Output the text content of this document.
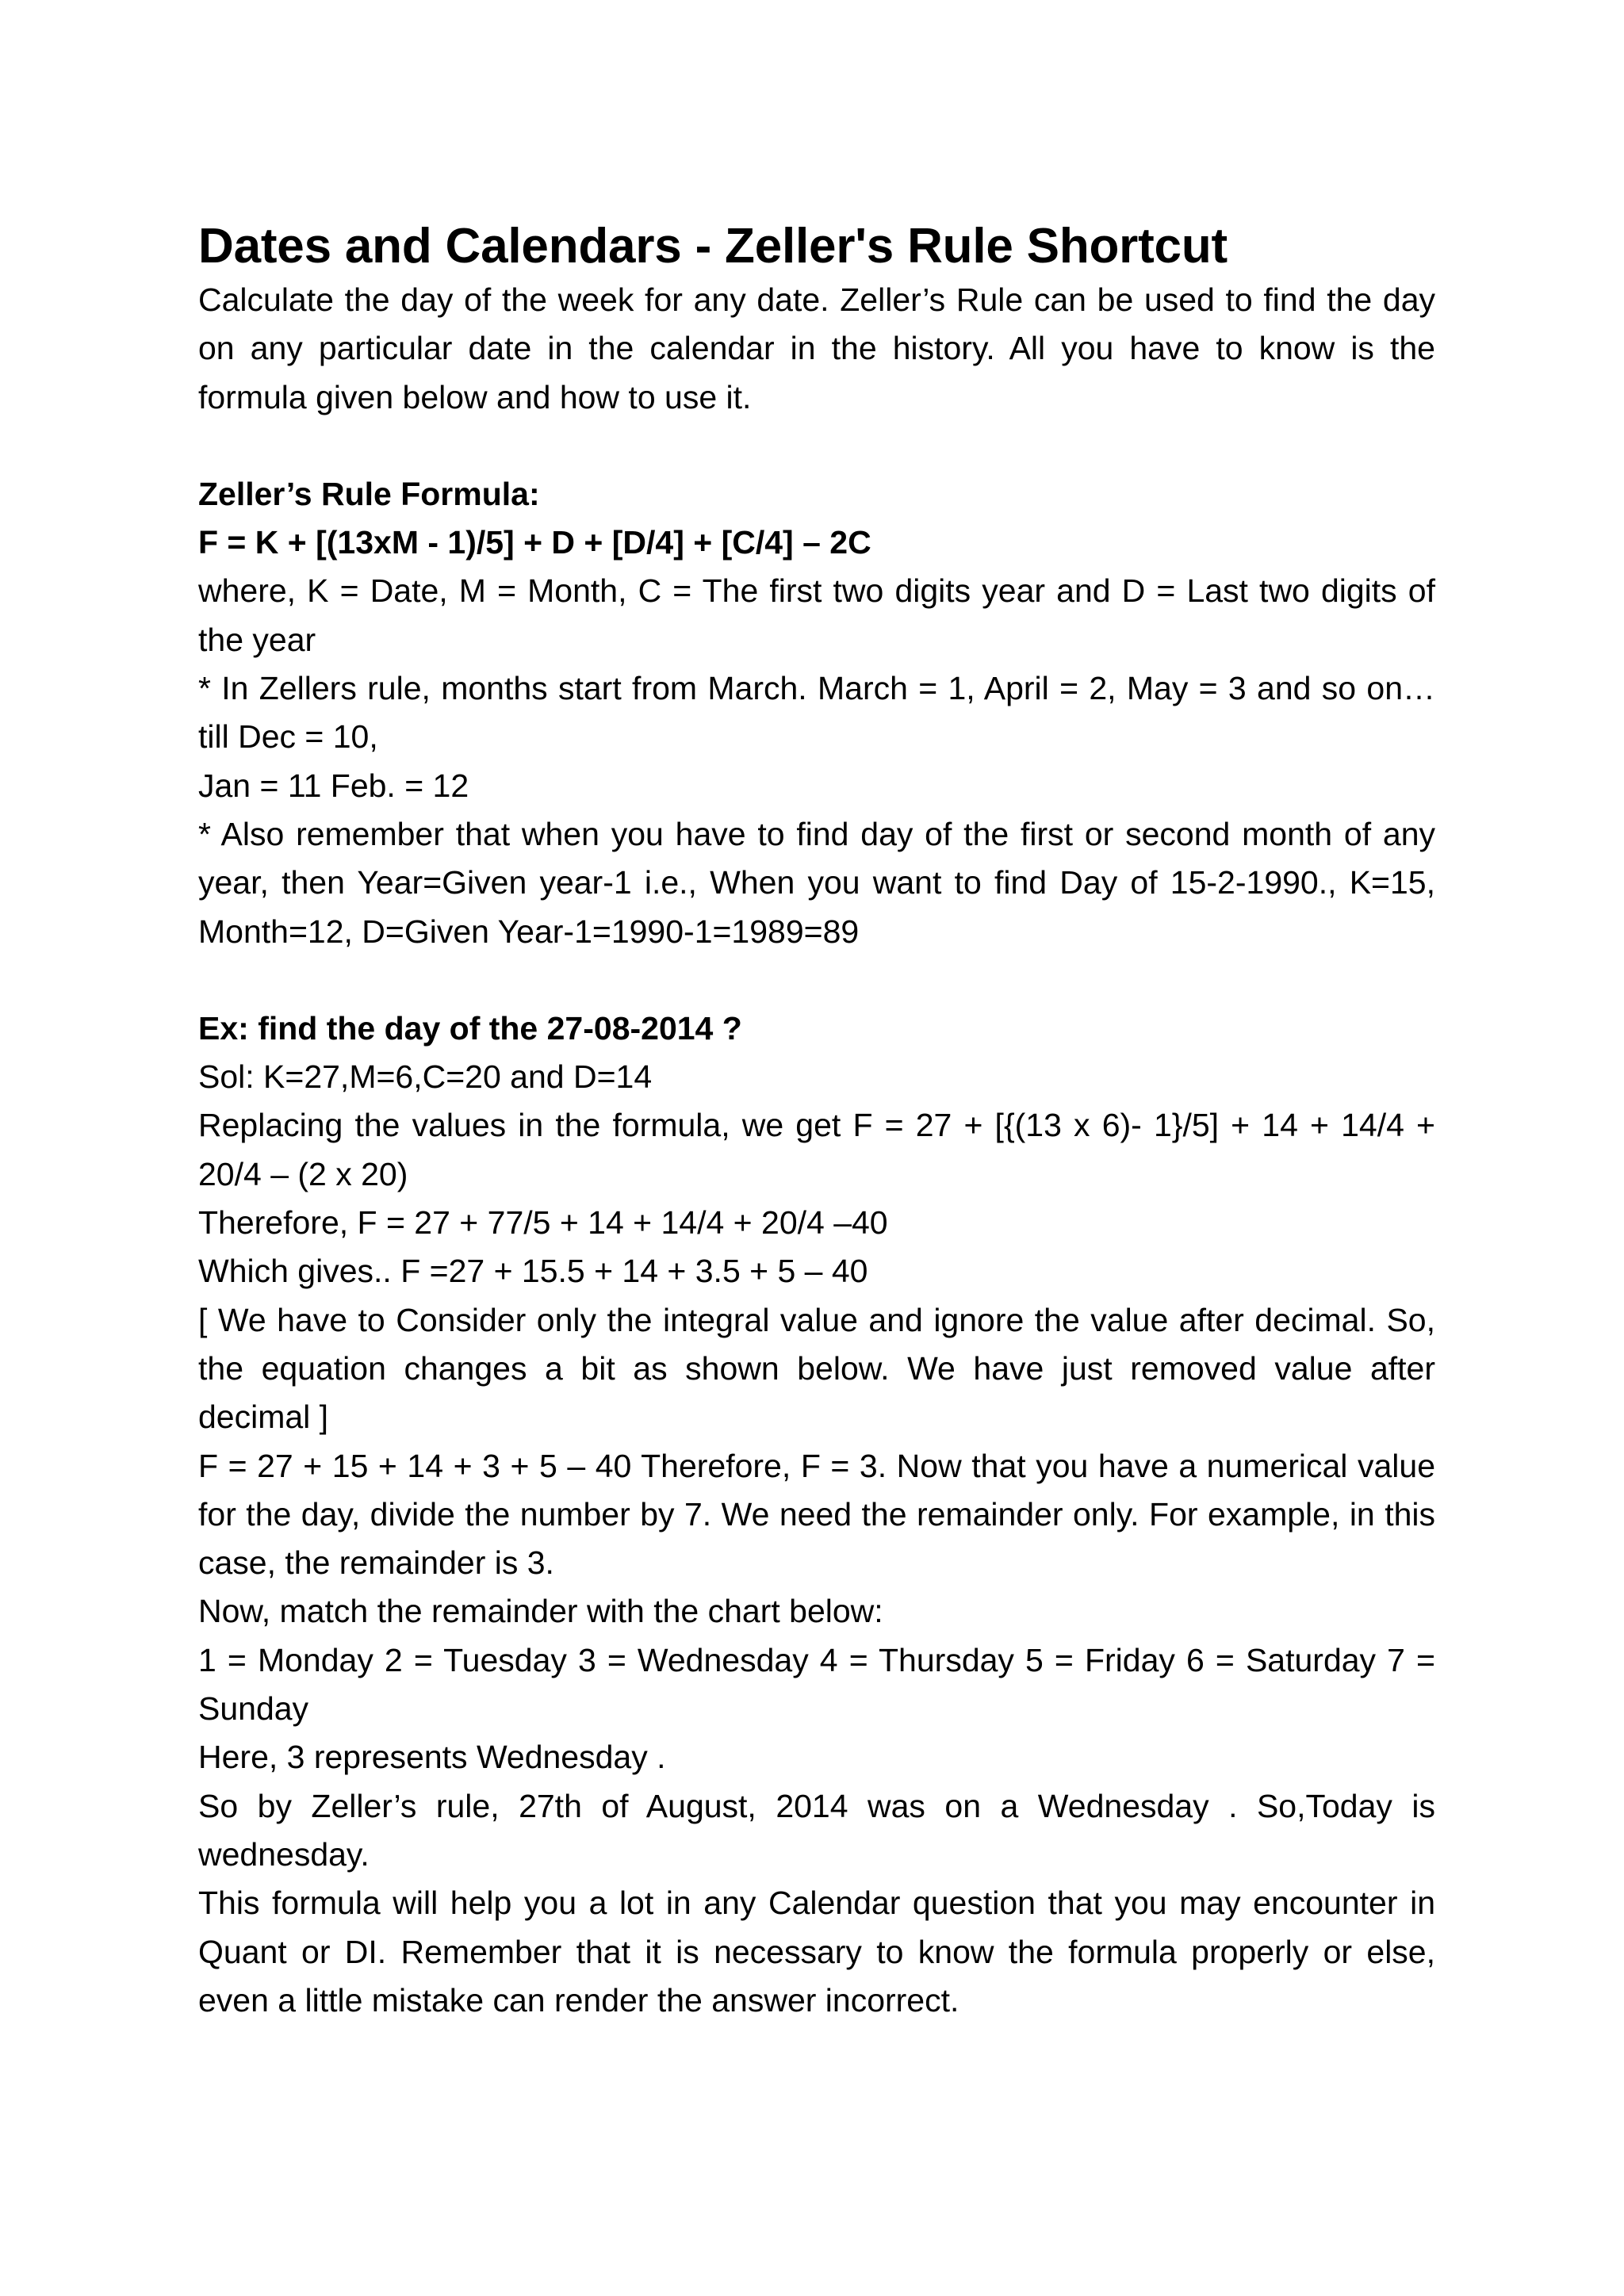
Dates and Calendars - Zeller's Rule Shortcut

Calculate the day of the week for any date. Zeller’s Rule can be used to find the day on any particular date in the calendar in the history. All you have to know is the formula given below and how to use it.

Zeller’s Rule Formula:

F = K + [(13xM - 1)/5] + D + [D/4] + [C/4] – 2C

where, K = Date, M = Month, C = The first two digits year and D = Last two digits of the year

* In Zellers rule, months start from March. March = 1, April = 2, May = 3 and so on… till Dec = 10,

Jan = 11 Feb. = 12

* Also remember that when you have to find day of the first or second month of any year, then Year=Given year-1 i.e., When you want to find Day of 15-2-1990., K=15, Month=12, D=Given Year-1=1990-1=1989=89

Ex: find the day of the 27-08-2014 ?

Sol: K=27,M=6,C=20 and D=14

Replacing the values in the formula, we get F = 27 + [{(13 x 6)- 1}/5] + 14 + 14/4 + 20/4 – (2 x 20)

Therefore, F = 27 + 77/5 + 14 + 14/4 + 20/4 –40

Which gives.. F =27 + 15.5 + 14 + 3.5 + 5 – 40

[ We have to Consider only the integral value and ignore the value after decimal. So, the equation changes a bit as shown below. We have just removed value after decimal ]

F = 27 + 15 + 14 + 3 + 5 – 40 Therefore, F = 3. Now that you have a numerical value for the day, divide the number by 7. We need the remainder only. For example, in this case, the remainder is 3.

Now, match the remainder with the chart below:

1 = Monday 2 = Tuesday 3 = Wednesday 4 = Thursday 5 = Friday 6 = Saturday 7 = Sunday

Here, 3 represents Wednesday .

So by Zeller’s rule, 27th of August, 2014 was on a Wednesday . So,Today is wednesday.

This formula will help you a lot in any Calendar question that you may encounter in Quant or DI. Remember that it is necessary to know the formula properly or else, even a little mistake can render the answer incorrect.
